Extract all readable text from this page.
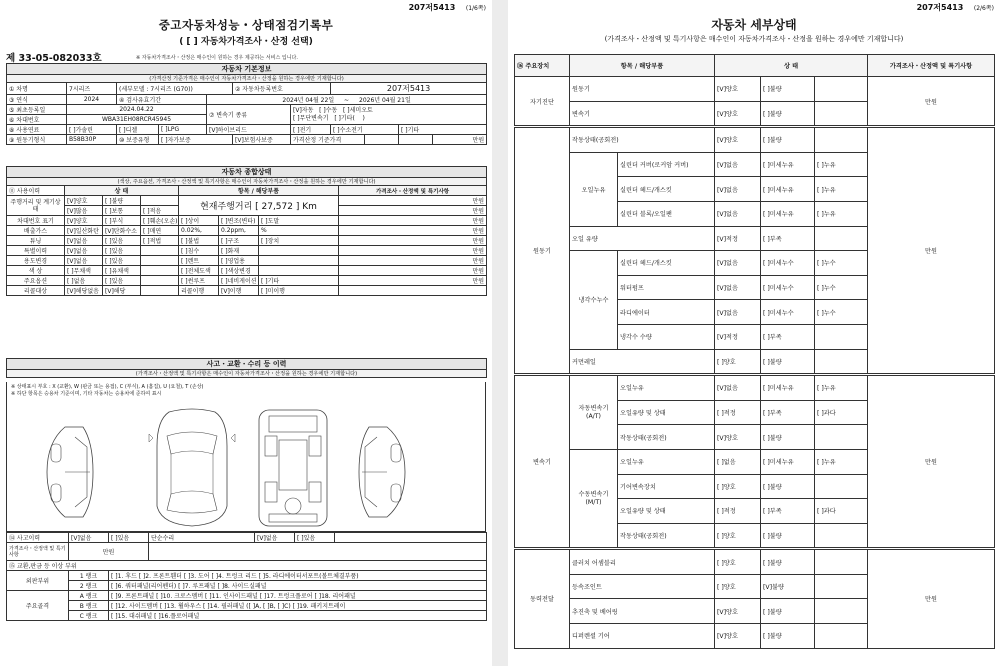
207저5413 (1/6쪽)
중고자동차성능・상태점검기록부
( [ ] 자동차가격조사・산정 선택)
제 33-05-082033호	※ 자동차가격조사・산정은 매수인이 원하는 경우 제공하는 서비스 입니다.
자동차 기본정보										
(가격산정 기준가격은 매수인이 자동차가격조사・산정을 원하는 경우에만 기재합니다)										
① 차명	7시리즈	(세부모델 : 7시리즈 (G70))			② 자동차등록번호		207저5413			
③ 연식	2024	④ 검사유효기간		2024년 04월 22일 ~ 2026년 04월 21일						
⑤ 최초등록일	2024.04.22			⑦ 변속기 종류		[V]자동 [ ]수동 [ ]세미오토
[ ]무단변속기 [ ]기타( )				
⑥ 차대번호	WBA31EH08RCR45945									
⑧ 사용연료	[ ]가솔린	[ ]디젤	[ ]LPG	[V]하이브리드		[ ]전기	[ ]수소전기		[ ]기타	
⑨ 원동기형식	B58B30P	⑩ 보증유형	[ ]자가보증		[V]보험사보증	가격산정 기준가격				만원
자동차 종합상태							
(색상, 주요옵션, 가격조사・산정액 및 특기사항은 매수인이 자동차가격조사・산정을 원하는 경우에만 기재합니다)							
⑪ 사용이력	상 태			항목 / 해당부품			가격조사・산정액 및 특기사항
주행거리 및 계기상태	[V]양호	[ ]불량		현재주행거리 [ 27,572 ] Km			만원
	[V]많음	[ ]보통	[ ]적음				만원
차대번호 표기	[V]양호	[ ]부식	[ ]훼손(오손)	[ ]상이	[ ]변조(변타)	[ ]도말	만원
배출가스	[V]일산화탄	[V]탄화수소	[ ]매연	0.02%,	0.2ppm,	%	만원
튜닝	[V]없음	[ ]있음	[ ]적법	[ ]불법	[ ]구조	[ ]장치	만원
특별이력	[V]없음	[ ]있음		[ ]침수	[ ]화재		만원
용도변경	[V]없음	[ ]있음		[ ]렌트	[ ]영업용		만원
색 상	[ ]무채색	[ ]유채색		[ ]전체도색	[ ]색상변경		만원
주요옵션	[ ]없음	[ ]있음		[ ]썬루프	[ ]네비게이션	[ ]기타	만원
리콜대상	[V]해당없음	[V]해당		리콜이행	[V]이행	[ ]미이행	
사고・교환・수리 등 이력
(가격조사・산정액 및 특기사항은 매수인이 자동차가격조사・산정을 원하는 경우에만 기재합니다)
※ 상태표시 부호 : X (교환), W (판금 또는 용접), C (부식), A (흠집), U (요철), T (손상)
※ 하단 항목은 승용차 기준이며, 기타 자동차는 승용차에 준하여 표시
⑭ 사고이력	[V]없음	[ ]있음	단순수리	[V]없음	[ ]있음	
가격조사・산정액 및 특기사항	만원					
⑮ 교환,판금 등 이상 부위						
외판부위	1 랭크	[ ]1. 후드 [ ]2. 프론트휀더 [ ]3. 도어 [ ]4. 트렁크 리드 [ ]5. 라디에이터서포트(볼트체결부품)				
	2 랭크	[ ]6. 쿼터패널(리어펜더) [ ]7. 루프패널 [ ]8. 사이드실패널				
주요골격	A 랭크	[ ]9. 프론트패널 [ ]10. 크로스멤버 [ ]11. 인사이드패널 [ ]17. 트렁크플로어 [ ]18. 리어패널				
	B 랭크	[ ]12. 사이드멤버 [ ]13. 휠하우스 [ ]14. 필러패널 ([ ]A, [ ]B, [ ]C) [ ]19. 패키지트레이				
	C 랭크	[ ]15. 대쉬패널 [ ]16.플로어패널				
207저5413 (2/6쪽)
자동차 세부상태
(가격조사・산정액 및 특기사항은 매수인이 자동차가격조사・산정을 원하는 경우에만 기재합니다)
⑯ 주요장치	항목 / 해당부품		상 태			가격조사・산정액 및 특기사항
자기진단	원동기		[V]양호	[ ]불량		만원
	변속기		[V]양호	[ ]불량		

원동기	작동상태(공회전)		[V]양호	[ ]불량		만원
	오일누유	실린더 커버(로커암 커버)	[V]없음	[ ]미세누유	[ ]누유	
		실린더 헤드/개스킷	[V]없음	[ ]미세누유	[ ]누유	
		실린더 블록/오일팬	[V]없음	[ ]미세누유	[ ]누유	
	오일 유량		[V]적정	[ ]부족		
	냉각수누수	실린더 헤드/개스킷	[V]없음	[ ]미세누수	[ ]누수	
		워터펌프	[V]없음	[ ]미세누수	[ ]누수	
		라디에이터	[V]없음	[ ]미세누수	[ ]누수	
		냉각수 수량	[V]적정	[ ]부족		
	커먼레일		[ ]양호	[ ]불량		

변속기	자동변속기
(A/T)	오일누유	[V]없음	[ ]미세누유	[ ]누유	만원
		오일유량 및 상태	[ ]적정	[ ]부족	[ ]과다	
		작동상태(공회전)	[V]양호	[ ]불량		
	수동변속기
(M/T)	오일누유	[ ]없음	[ ]미세누유	[ ]누유	
		기어변속장치	[ ]양호	[ ]불량		
		오일유량 및 상태	[ ]적정	[ ]부족	[ ]과다	
		작동상태(공회전)	[ ]양호	[ ]불량		

동력전달	클러치 어셈블리		[ ]양호	[ ]불량		만원
	등속조인트		[ ]양호	[V]불량		
	추진축 및 베어링		[V]양호	[ ]불량		
	디퍼렌셜 기어		[V]양호	[ ]불량		
